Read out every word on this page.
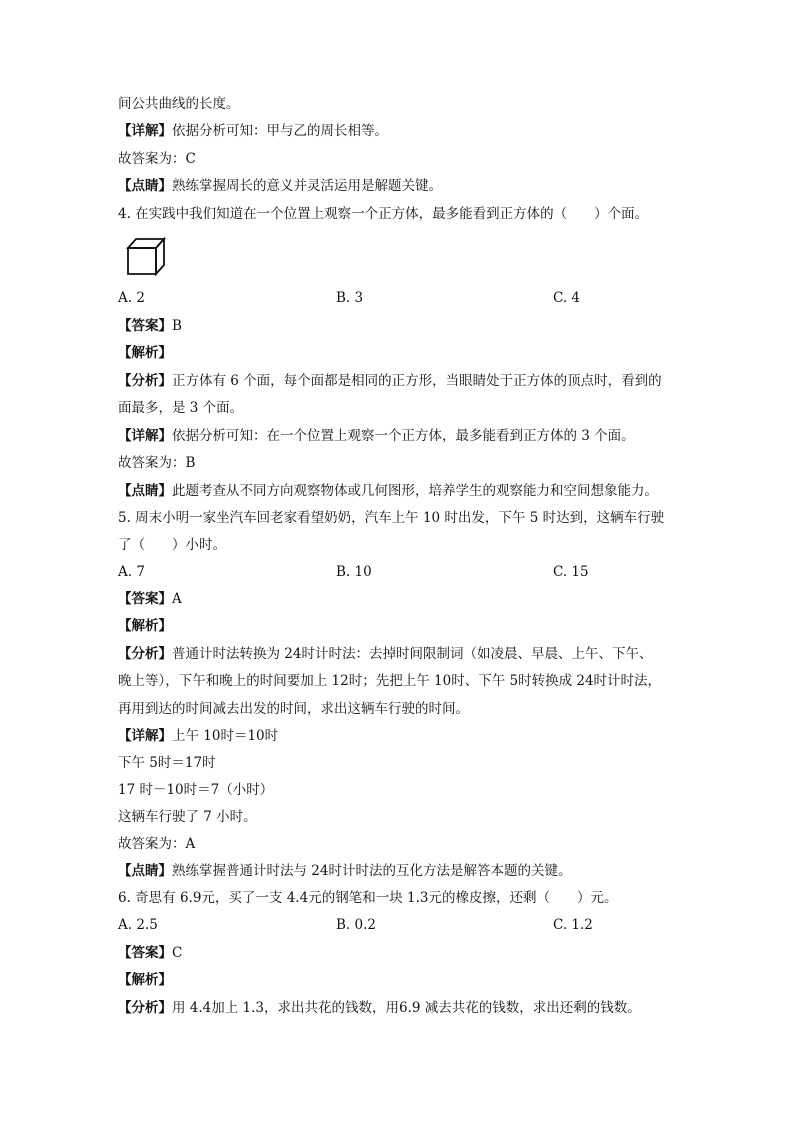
间公共曲线的长度。
【详解】依据分析可知：甲与乙的周长相等。
故答案为：C
【点睛】熟练掌握周长的意义并灵活运用是解题关键。
4. 在实践中我们知道在一个位置上观察一个正方体，最多能看到正方体的（　　）个面。
A. 2	B. 3	C. 4
【答案】B
【解析】
【分析】正方体有 6 个面，每个面都是相同的正方形，当眼睛处于正方体的顶点时，看到的
面最多，是 3 个面。
【详解】依据分析可知：在一个位置上观察一个正方体，最多能看到正方体的 3 个面。
故答案为：B
【点睛】此题考查从不同方向观察物体或几何图形，培养学生的观察能力和空间想象能力。
5. 周末小明一家坐汽车回老家看望奶奶，汽车上午 10 时出发，下午 5 时达到，这辆车行驶
了（　　）小时。
A. 7	B. 10	C. 15
【答案】A
【解析】
【分析】普通计时法转换为 24时计时法：去掉时间限制词（如凌晨、早晨、上午、下午、
晚上等），下午和晚上的时间要加上 12时；先把上午 10时、下午 5时转换成 24时计时法，
再用到达的时间减去出发的时间，求出这辆车行驶的时间。
【详解】上午 10时＝10时
下午 5时＝17时
17 时－10时＝7（小时）
这辆车行驶了 7 小时。
故答案为：A
【点睛】熟练掌握普通计时法与 24时计时法的互化方法是解答本题的关键。
6. 奇思有 6.9元，买了一支 4.4元的钢笔和一块 1.3元的橡皮擦，还剩（　　）元。
A. 2.5	B. 0.2	C. 1.2
【答案】C
【解析】
【分析】用 4.4加上 1.3，求出共花的钱数，用6.9 减去共花的钱数，求出还剩的钱数。
